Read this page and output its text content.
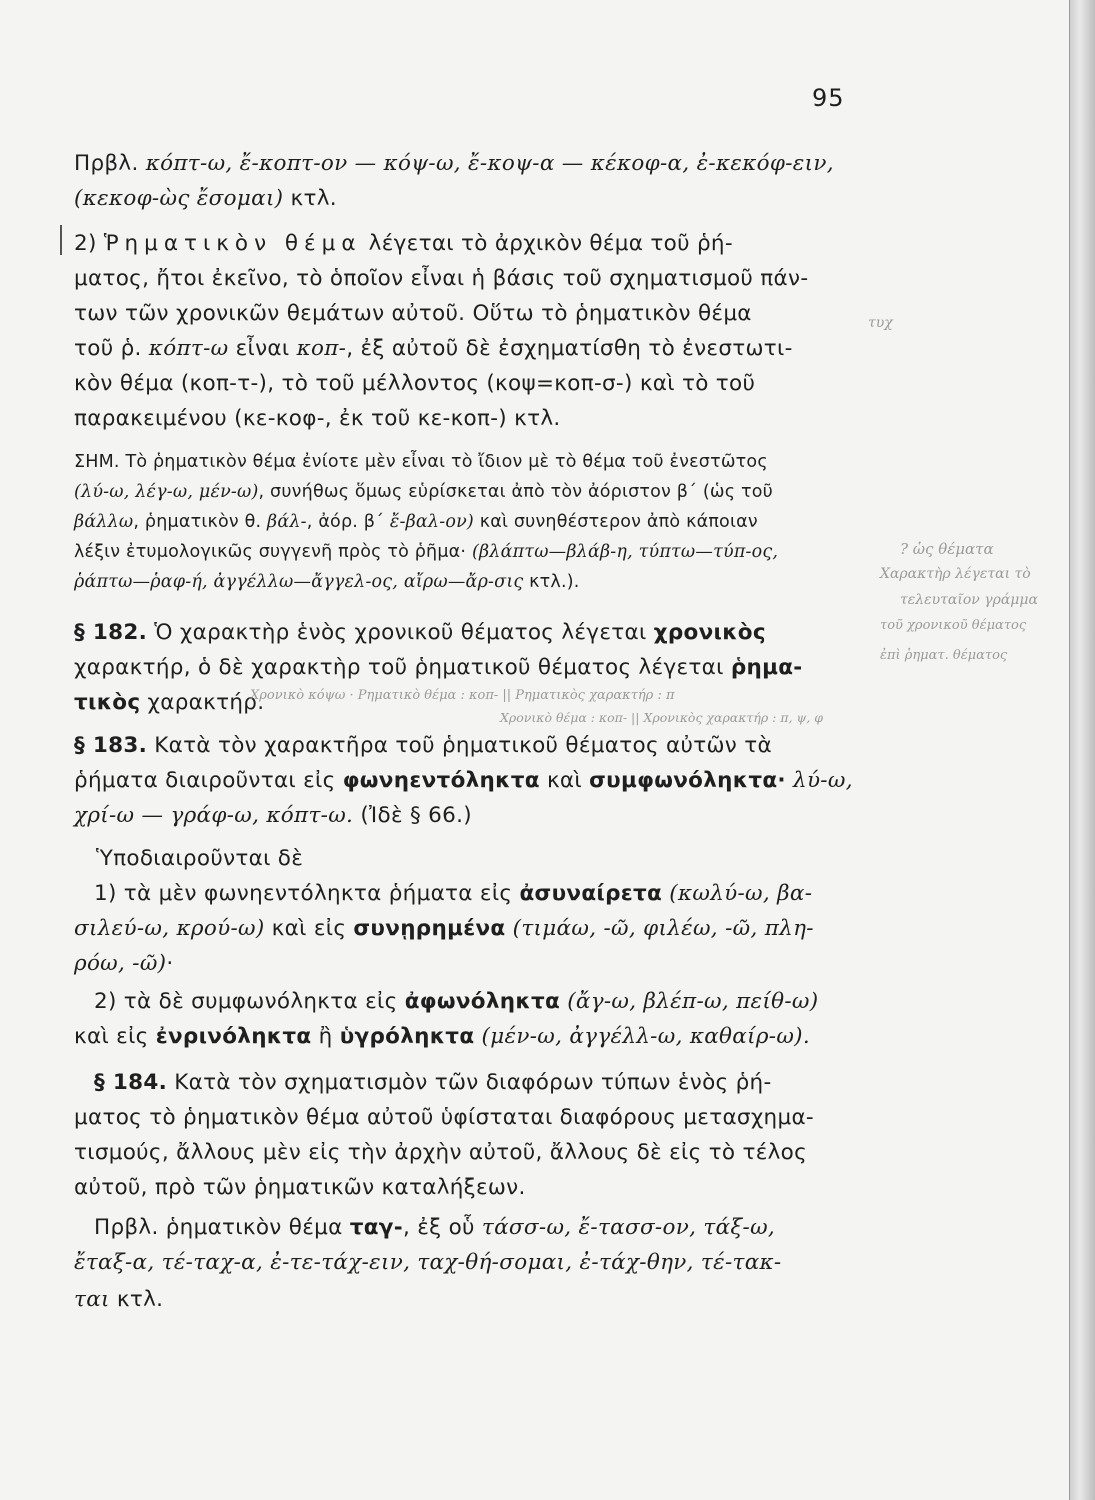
95
Πρβλ. κόπτ-ω, ἔ-κοπτ-ον — κόψ-ω, ἔ-κοψ-α — κέκοφ-α, ἐ-κεκόφ-ειν,
(κεκοφ-ὼς ἔσομαι) κτλ.
2) Ῥηματικὸν θέμα λέγεται τὸ ἀρχικὸν θέμα τοῦ ῥή-
ματος, ἤτοι ἐκεῖνο, τὸ ὁποῖον εἶναι ἡ βάσις τοῦ σχηματισμοῦ πάν-
των τῶν χρονικῶν θεμάτων αὐτοῦ. Οὕτω τὸ ῥηματικὸν θέμα
τοῦ ῥ. κόπτ-ω εἶναι κοπ-, ἐξ αὐτοῦ δὲ ἐσχηματίσθη τὸ ἐνεστωτι-
κὸν θέμα (κοπ-τ-), τὸ τοῦ μέλλοντος (κοψ=κοπ-σ-) καὶ τὸ τοῦ
παρακειμένου (κε-κοφ-, ἐκ τοῦ κε-κοπ-) κτλ.
ΣΗΜ. Τὸ ῥηματικὸν θέμα ἐνίοτε μὲν εἶναι τὸ ἴδιον μὲ τὸ θέμα τοῦ ἐνεστῶτος
(λύ-ω, λέγ-ω, μέν-ω), συνήθως ὅμως εὑρίσκεται ἀπὸ τὸν ἀόριστον β΄ (ὡς τοῦ
βάλλω, ῥηματικὸν θ. βάλ-, ἀόρ. β΄ ἔ-βαλ-ον) καὶ συνηθέστερον ἀπὸ κάποιαν
λέξιν ἐτυμολογικῶς συγγενῆ πρὸς τὸ ῥῆμα· (βλάπτω—βλάβ-η, τύπτω—τύπ-ος,
ῥάπτω—ῥαφ-ή, ἀγγέλλω—ἄγγελ-ος, αἴρω—ἄρ-σις κτλ.).
§ 182. Ὁ χαρακτὴρ ἑνὸς χρονικοῦ θέματος λέγεται χρονικὸς
χαρακτήρ, ὁ δὲ χαρακτὴρ τοῦ ῥηματικοῦ θέματος λέγεται ῥημα-
τικὸς χαρακτήρ.
§ 183. Κατὰ τὸν χαρακτῆρα τοῦ ῥηματικοῦ θέματος αὐτῶν τὰ
ῥήματα διαιροῦνται εἰς φωνηεντόληκτα καὶ συμφωνόληκτα· λύ-ω,
χρί-ω — γράφ-ω, κόπτ-ω. (Ἰδὲ § 66.)
Ὑποδιαιροῦνται δὲ
1) τὰ μὲν φωνηεντόληκτα ῥήματα εἰς ἀσυναίρετα (κωλύ-ω, βα-
σιλεύ-ω, κρού-ω) καὶ εἰς συνῃρημένα (τιμάω, -ῶ, φιλέω, -ῶ, πλη-
ρόω, -ῶ)·
2) τὰ δὲ συμφωνόληκτα εἰς ἀφωνόληκτα (ἄγ-ω, βλέπ-ω, πείθ-ω)
καὶ εἰς ἐνρινόληκτα ἢ ὑγρόληκτα (μέν-ω, ἀγγέλλ-ω, καθαίρ-ω).
§ 184. Κατὰ τὸν σχηματισμὸν τῶν διαφόρων τύπων ἑνὸς ῥή-
ματος τὸ ῥηματικὸν θέμα αὐτοῦ ὑφίσταται διαφόρους μετασχημα-
τισμούς, ἄλλους μὲν εἰς τὴν ἀρχὴν αὐτοῦ, ἄλλους δὲ εἰς τὸ τέλος
αὐτοῦ, πρὸ τῶν ῥηματικῶν καταλήξεων.
Πρβλ. ῥηματικὸν θέμα ταγ-, ἐξ οὗ τάσσ-ω, ἔ-τασσ-ον, τάξ-ω,
ἔταξ-α, τέ-ταχ-α, ἐ-τε-τάχ-ειν, ταχ-θή-σομαι, ἐ-τάχ-θην, τέ-τακ-
ται κτλ.
τυχ
? ὡς θέματα
Χαρακτὴρ λέγεται τὸ
τελευταῖον γράμμα
τοῦ χρονικοῦ θέματος
ἐπὶ ῥηματ. θέματος
Χρονικὸ κόψω · Ρηματικὸ θέμα : κοπ- || Ρηματικὸς χαρακτήρ : π
Χρονικὸ θέμα : κοπ- || Χρονικὸς χαρακτήρ : π, ψ, φ
